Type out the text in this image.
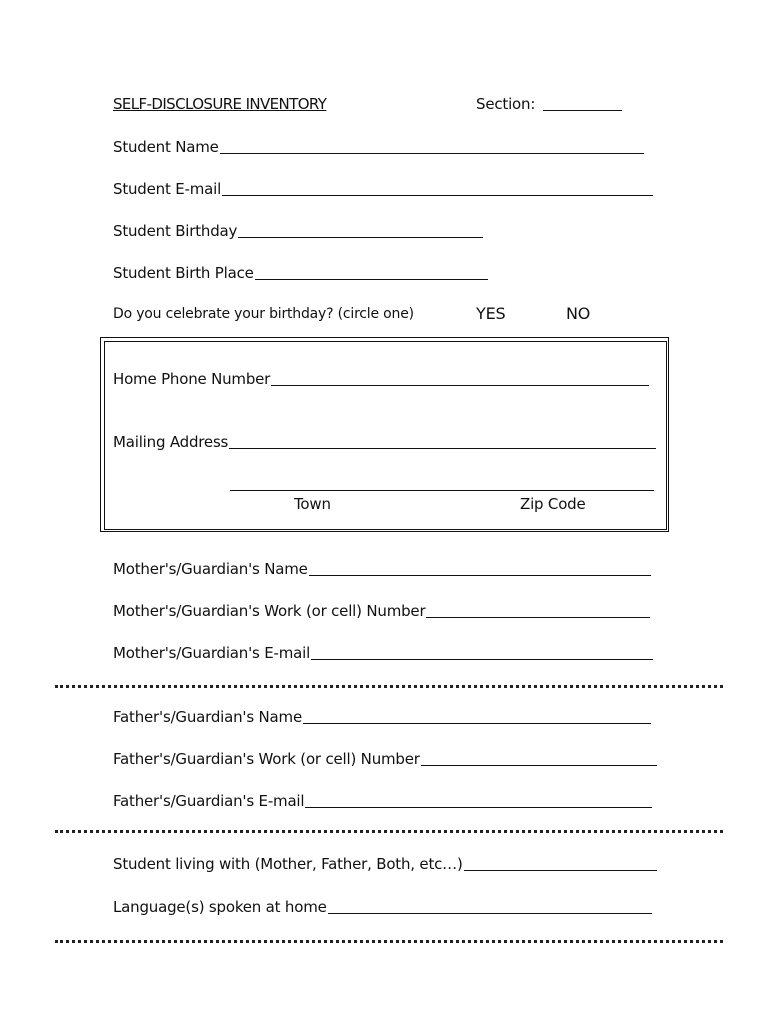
SELF-DISCLOSURE INVENTORY	Section:
Student Name
Student E-mail
Student Birthday
Student Birth Place
Do you celebrate your birthday? (circle one)	YES	NO
Home Phone Number
Mailing Address
Town	Zip Code
Mother's/Guardian's Name
Mother's/Guardian's Work (or cell) Number
Mother's/Guardian's E-mail
Father's/Guardian's Name
Father's/Guardian's Work (or cell) Number
Father's/Guardian's E-mail
Student living with (Mother, Father, Both, etc…)
Language(s) spoken at home
